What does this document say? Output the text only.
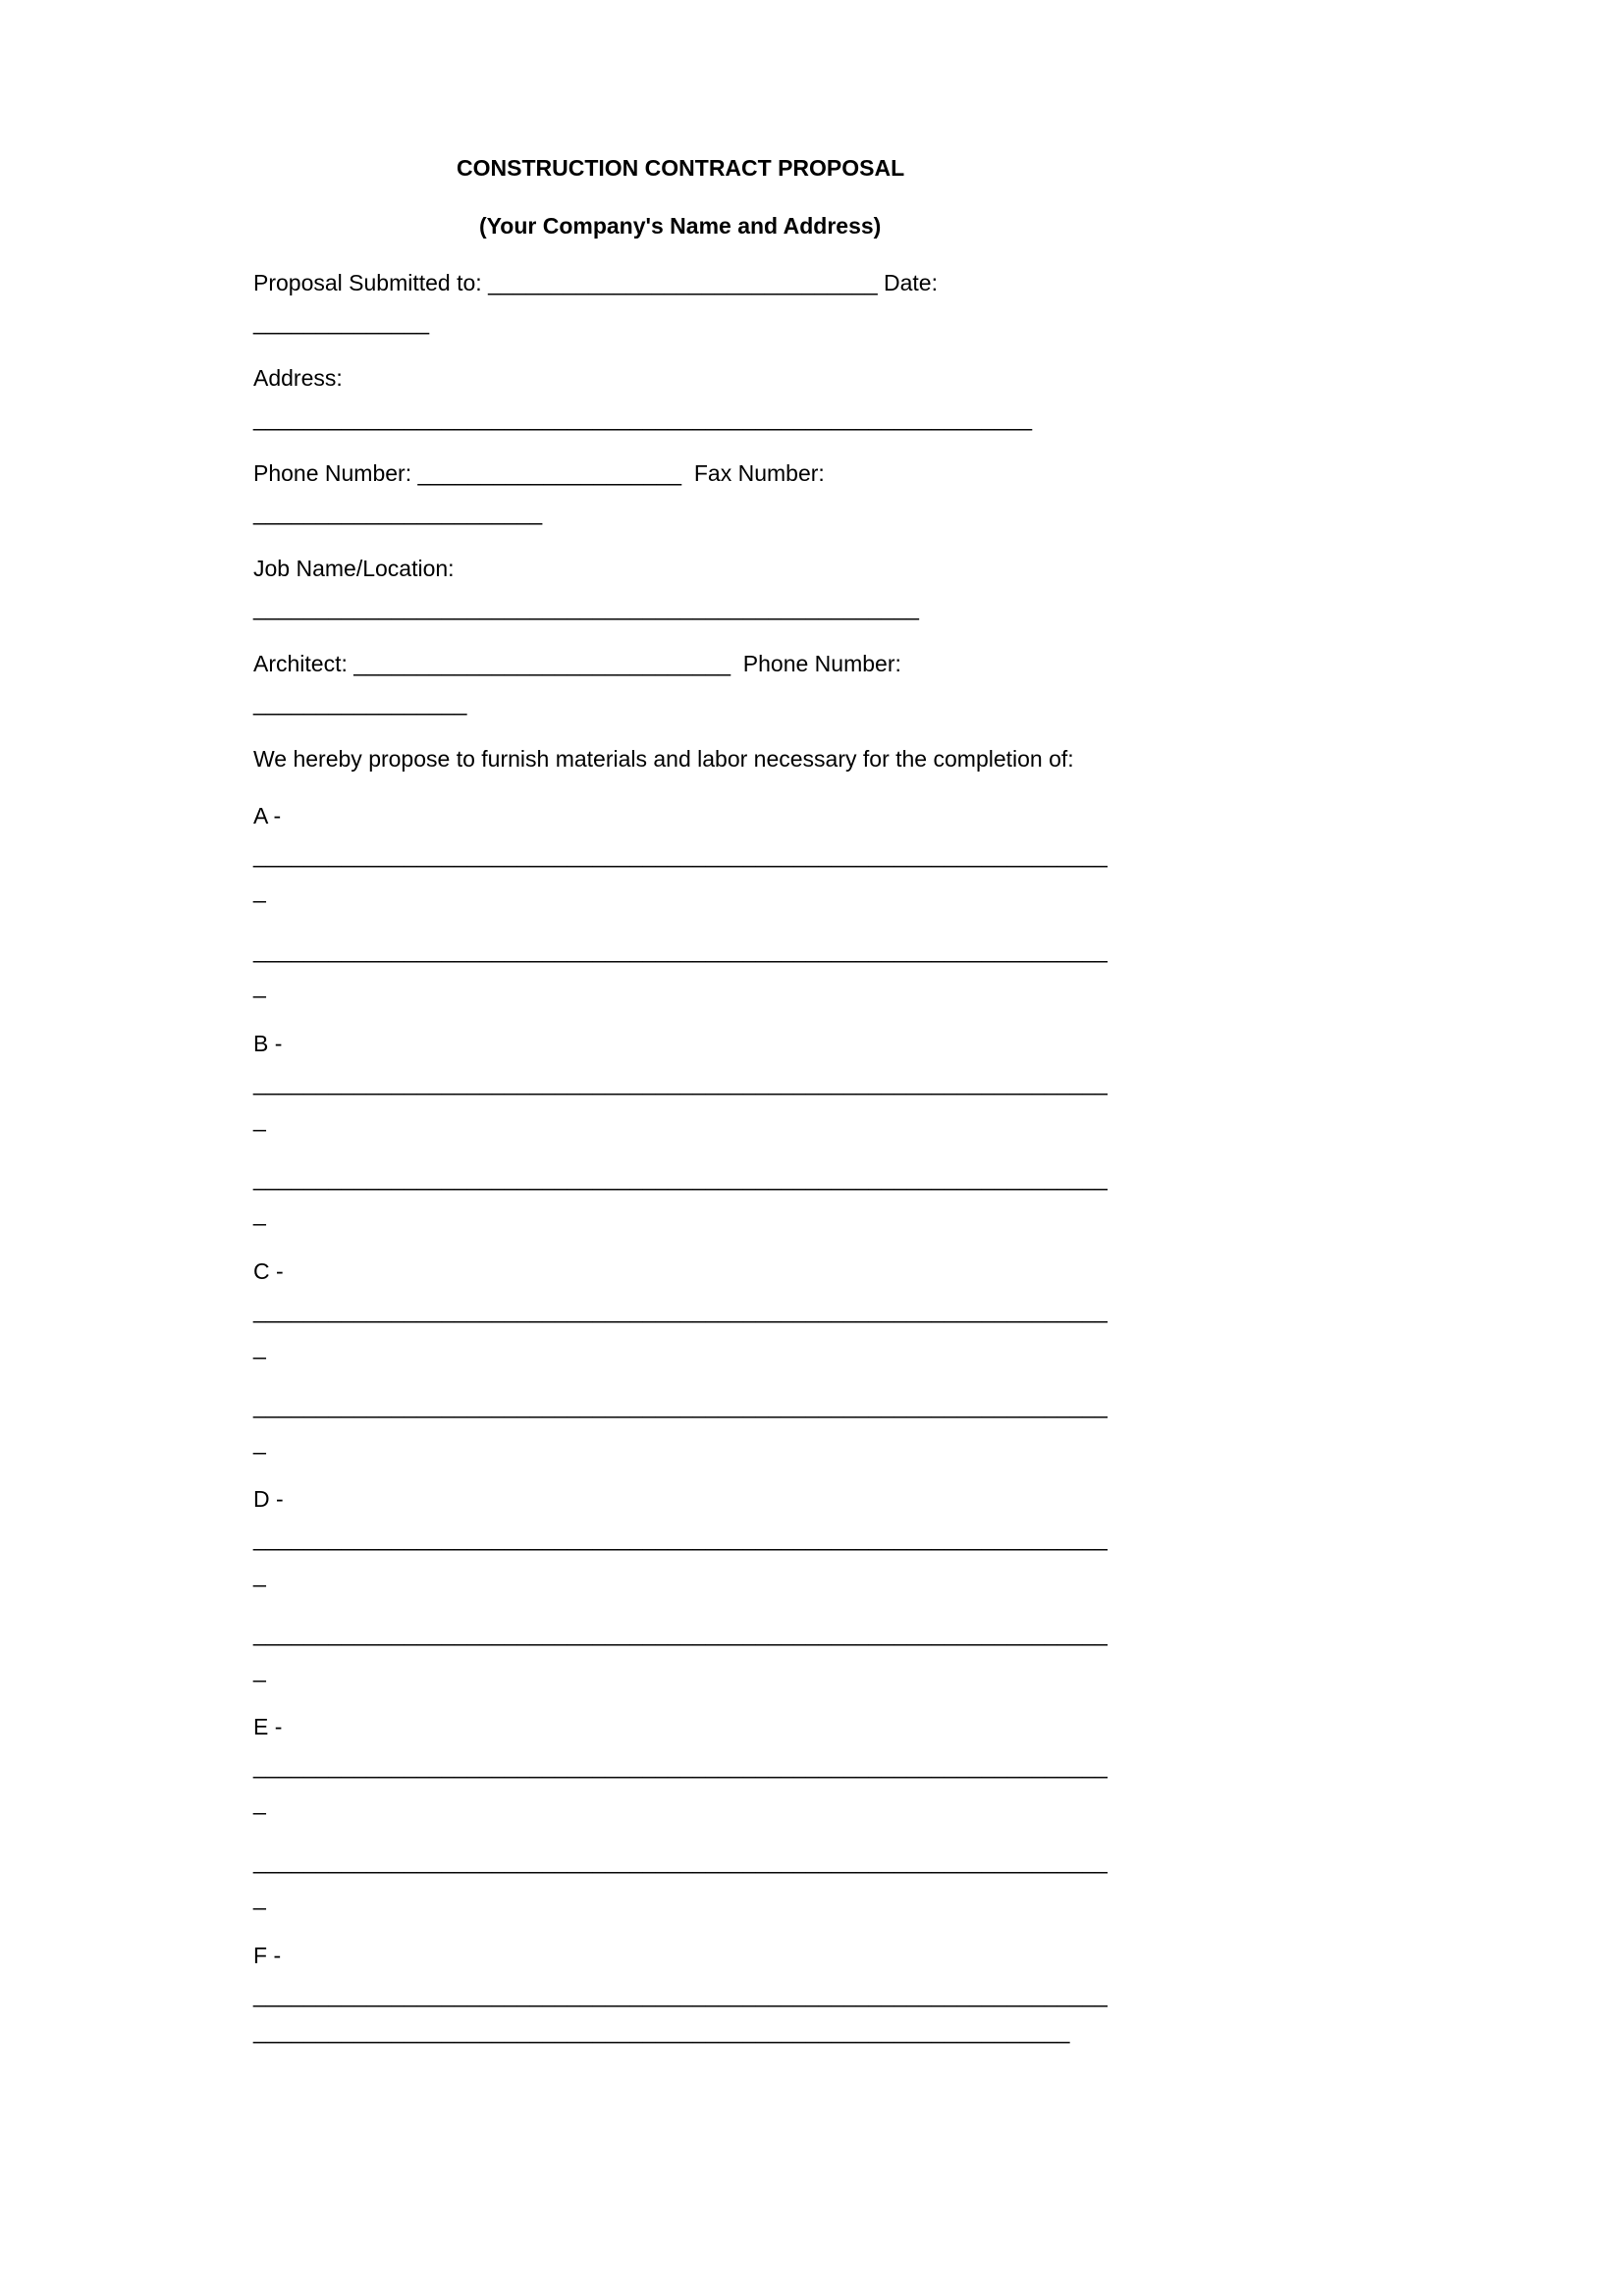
CONSTRUCTION CONTRACT PROPOSAL

(Your Company's Name and Address)

Proposal Submitted to: _______________________________ Date:

______________

Address:

______________________________________________________________

Phone Number: _____________________  Fax Number:

_______________________

Job Name/Location:

_____________________________________________________

Architect: ______________________________  Phone Number:

_________________

We hereby propose to furnish materials and labor necessary for the completion of:

A -

____________________________________________________________________

_

____________________________________________________________________

_

B -

____________________________________________________________________

_

____________________________________________________________________

_

C -

____________________________________________________________________

_

____________________________________________________________________

_

D -

____________________________________________________________________

_

____________________________________________________________________

_

E -

____________________________________________________________________

_

____________________________________________________________________

_

F -

____________________________________________________________________

_________________________________________________________________
